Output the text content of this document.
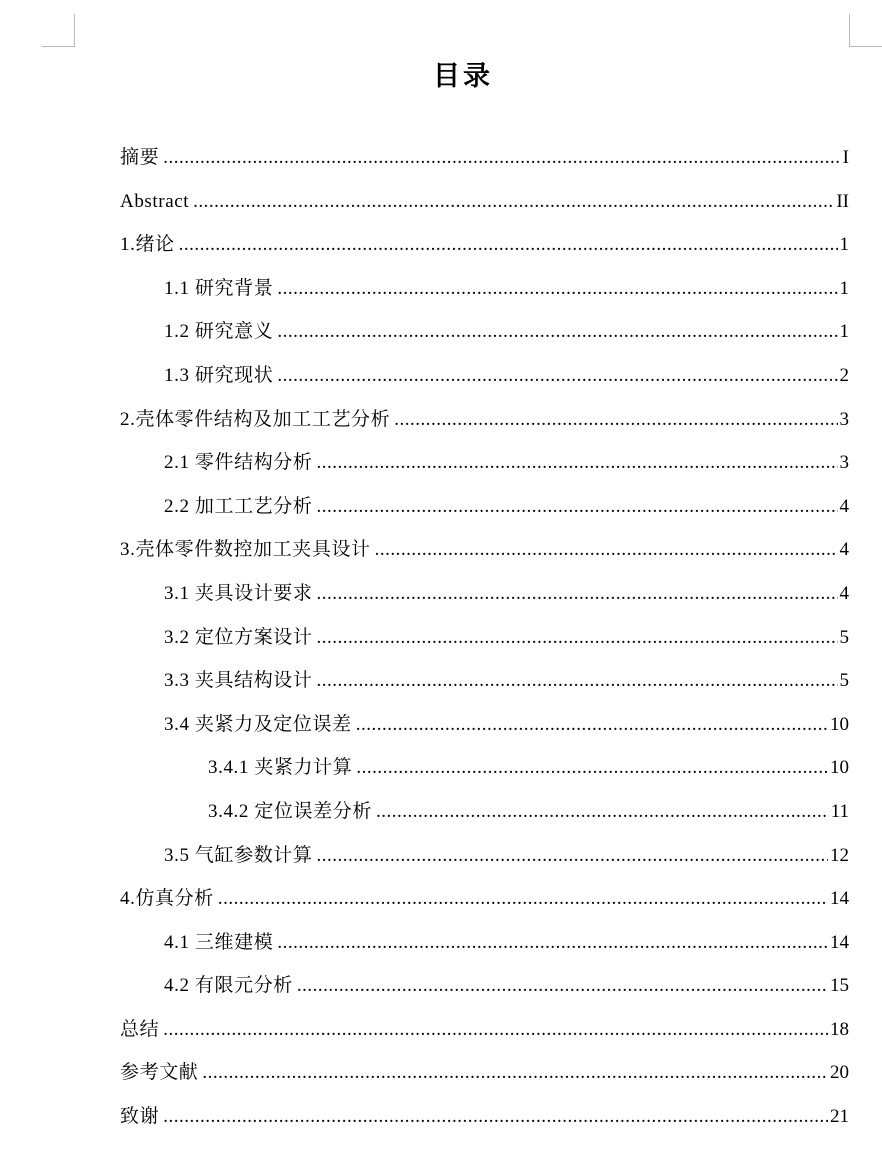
目录
摘要 .....	I
Abstract .....	II
1.绪论 .....	1
1.1 研究背景 .....	1
1.2 研究意义 .....	1
1.3 研究现状 .....	2
2.壳体零件结构及加工工艺分析 .....	3
2.1 零件结构分析 .....	3
2.2 加工工艺分析 .....	4
3.壳体零件数控加工夹具设计 .....	4
3.1 夹具设计要求 .....	4
3.2 定位方案设计 .....	5
3.3 夹具结构设计 .....	5
3.4 夹紧力及定位误差 .....	10
3.4.1 夹紧力计算 .....	10
3.4.2 定位误差分析 .....	11
3.5 气缸参数计算 .....	12
4.仿真分析 .....	14
4.1 三维建模 .....	14
4.2 有限元分析 .....	15
总结 .....	18
参考文献 .....	20
致谢 .....	21
